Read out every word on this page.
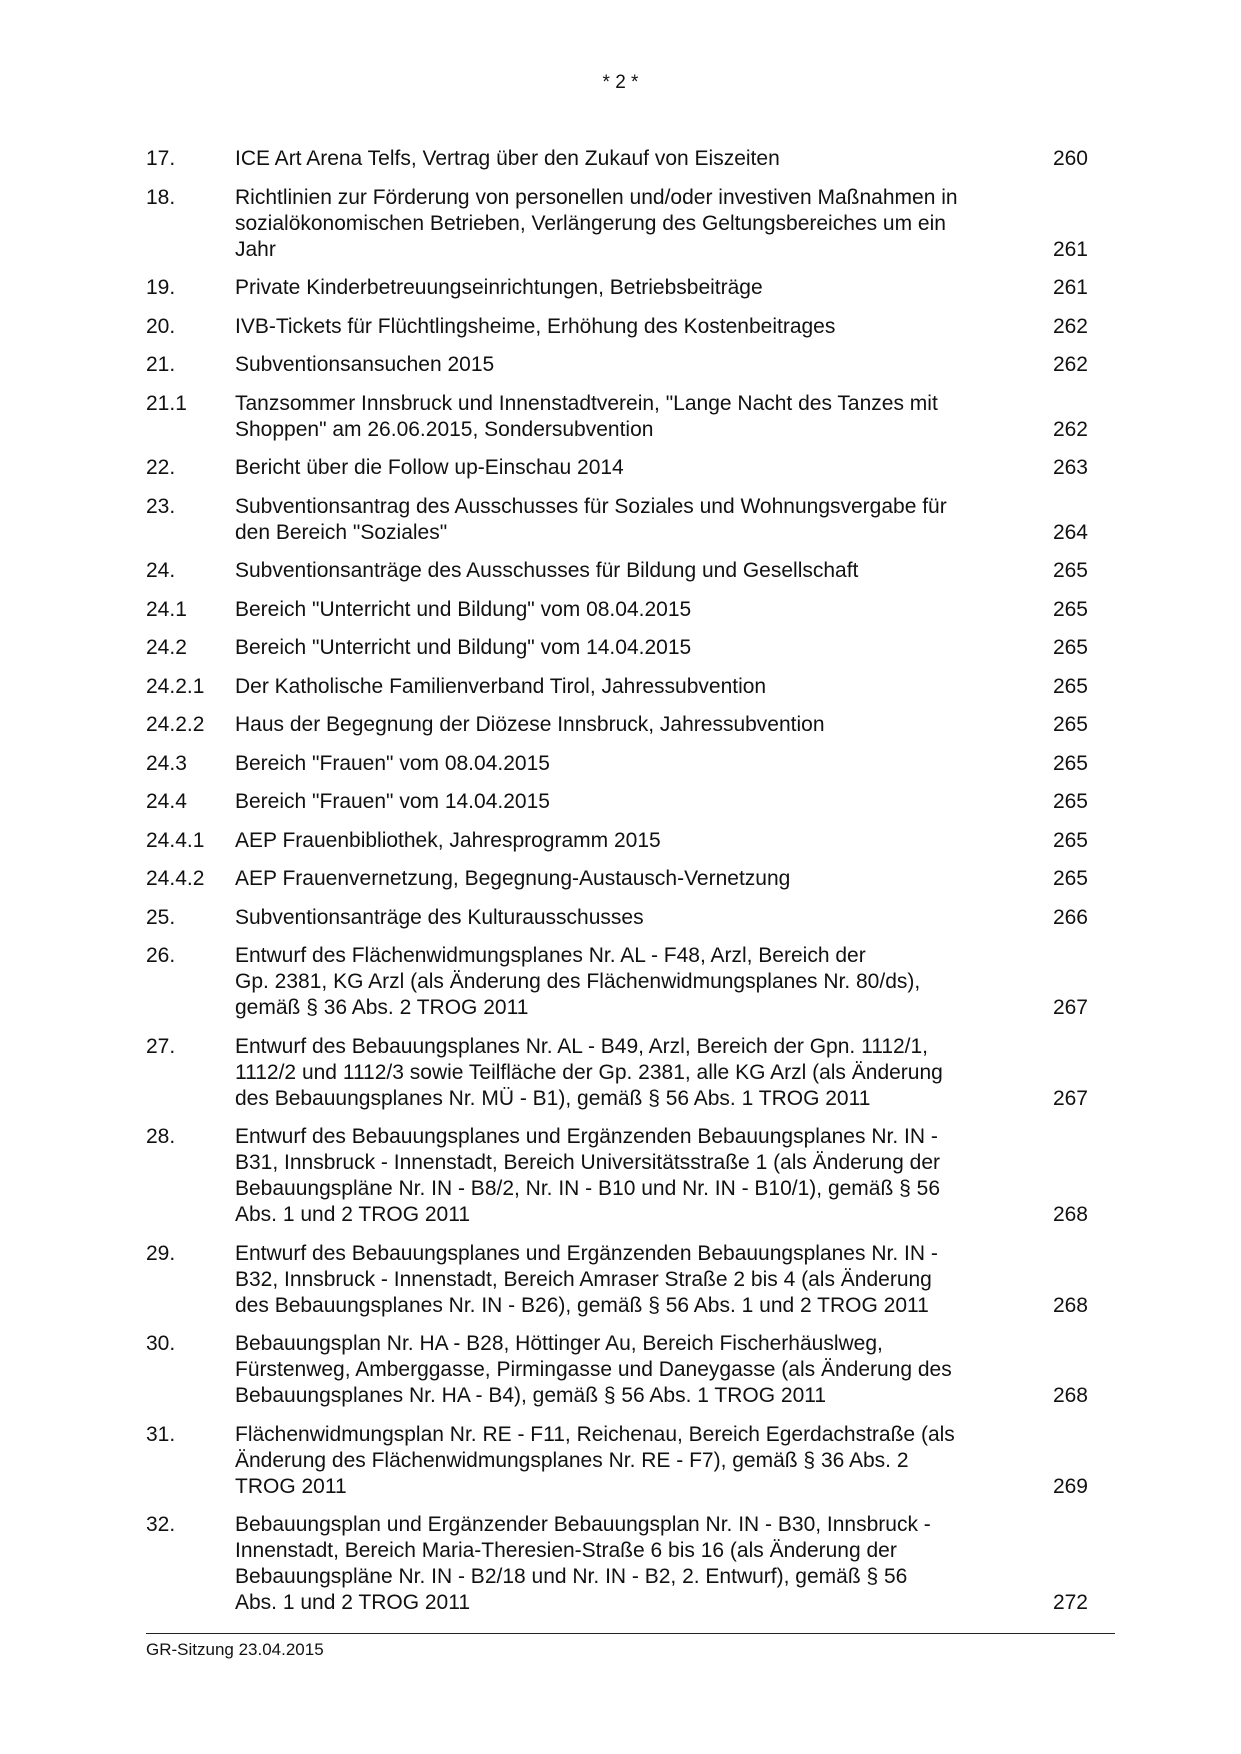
* 2 *
17.	ICE Art Arena Telfs, Vertrag über den Zukauf von Eiszeiten	260
18.	Richtlinien zur Förderung von personellen und/oder investiven Maßnahmen in
sozialökonomischen Betrieben, Verlängerung des Geltungsbereiches um ein
Jahr	261
19.	Private Kinderbetreuungseinrichtungen, Betriebsbeiträge	261
20.	IVB-Tickets für Flüchtlingsheime, Erhöhung des Kostenbeitrages	262
21.	Subventionsansuchen 2015	262
21.1	Tanzsommer Innsbruck und Innenstadtverein, "Lange Nacht des Tanzes mit
Shoppen" am 26.06.2015, Sondersubvention	262
22.	Bericht über die Follow up-Einschau 2014	263
23.	Subventionsantrag des Ausschusses für Soziales und Wohnungsvergabe für
den Bereich "Soziales"	264
24.	Subventionsanträge des Ausschusses für Bildung und Gesellschaft	265
24.1	Bereich "Unterricht und Bildung" vom 08.04.2015	265
24.2	Bereich "Unterricht und Bildung" vom 14.04.2015	265
24.2.1	Der Katholische Familienverband Tirol, Jahressubvention	265
24.2.2	Haus der Begegnung der Diözese Innsbruck, Jahressubvention	265
24.3	Bereich "Frauen" vom 08.04.2015	265
24.4	Bereich "Frauen" vom 14.04.2015	265
24.4.1	AEP Frauenbibliothek, Jahresprogramm 2015	265
24.4.2	AEP Frauenvernetzung, Begegnung-Austausch-Vernetzung	265
25.	Subventionsanträge des Kulturausschusses	266
26.	Entwurf des Flächenwidmungsplanes Nr. AL - F48, Arzl, Bereich der
Gp. 2381, KG Arzl (als Änderung des Flächenwidmungsplanes Nr. 80/ds),
gemäß § 36 Abs. 2 TROG 2011	267
27.	Entwurf des Bebauungsplanes Nr. AL - B49, Arzl, Bereich der Gpn. 1112/1,
1112/2 und 1112/3 sowie Teilfläche der Gp. 2381, alle KG Arzl (als Änderung
des Bebauungsplanes Nr. MÜ - B1), gemäß § 56 Abs. 1 TROG 2011	267
28.	Entwurf des Bebauungsplanes und Ergänzenden Bebauungsplanes Nr. IN -
B31, Innsbruck - Innenstadt, Bereich Universitätsstraße 1 (als Änderung der
Bebauungspläne Nr. IN - B8/2, Nr. IN - B10 und Nr. IN - B10/1), gemäß § 56
Abs. 1 und 2 TROG 2011	268
29.	Entwurf des Bebauungsplanes und Ergänzenden Bebauungsplanes Nr. IN -
B32, Innsbruck - Innenstadt, Bereich Amraser Straße 2 bis 4 (als Änderung
des Bebauungsplanes Nr. IN - B26), gemäß § 56 Abs. 1 und 2 TROG 2011	268
30.	Bebauungsplan Nr. HA - B28, Höttinger Au, Bereich Fischerhäuslweg,
Fürstenweg, Amberggasse, Pirmingasse und Daneygasse (als Änderung des
Bebauungsplanes Nr. HA - B4), gemäß § 56 Abs. 1 TROG 2011	268
31.	Flächenwidmungsplan Nr. RE - F11, Reichenau, Bereich Egerdachstraße (als
Änderung des Flächenwidmungsplanes Nr. RE - F7), gemäß § 36 Abs. 2
TROG 2011	269
32.	Bebauungsplan und Ergänzender Bebauungsplan Nr. IN - B30, Innsbruck -
Innenstadt, Bereich Maria-Theresien-Straße 6 bis 16 (als Änderung der
Bebauungspläne Nr. IN - B2/18 und Nr. IN - B2, 2. Entwurf), gemäß § 56
Abs. 1 und 2 TROG 2011	272
GR-Sitzung 23.04.2015
